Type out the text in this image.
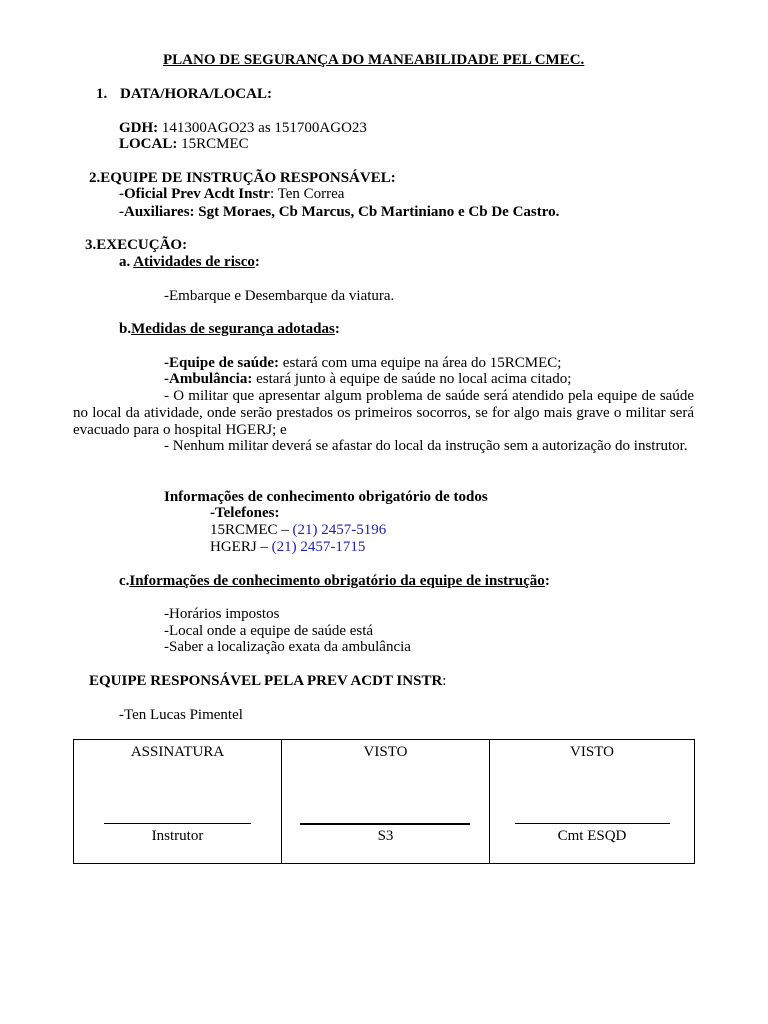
PLANO DE SEGURANÇA DO MANEABILIDADE PEL CMEC.
1. DATA/HORA/LOCAL:
GDH: 141300AGO23 as 151700AGO23
LOCAL: 15RCMEC
2.EQUIPE DE INSTRUÇÃO RESPONSÁVEL:
-Oficial Prev Acdt Instr: Ten Correa
-Auxiliares: Sgt Moraes, Cb Marcus, Cb Martiniano e Cb De Castro.
3.EXECUÇÃO:
a. Atividades de risco:
-Embarque e Desembarque da viatura.
b.Medidas de segurança adotadas:
-Equipe de saúde: estará com uma equipe na área do 15RCMEC;
-Ambulância: estará junto à equipe de saúde no local acima citado;
- O militar que apresentar algum problema de saúde será atendido pela equipe de saúde no local da atividade, onde serão prestados os primeiros socorros, se for algo mais grave o militar será evacuado para o hospital HGERJ; e
- Nenhum militar deverá se afastar do local da instrução sem a autorização do instrutor.
Informações de conhecimento obrigatório de todos
-Telefones:
15RCMEC – (21) 2457-5196
HGERJ – (21) 2457-1715
c.Informações de conhecimento obrigatório da equipe de instrução:
-Horários impostos
-Local onde a equipe de saúde está
-Saber a localização exata da ambulância
EQUIPE RESPONSÁVEL PELA PREV ACDT INSTR:
-Ten Lucas Pimentel
ASSINATURA
Instrutor
VISTO
S3
VISTO
Cmt ESQD
